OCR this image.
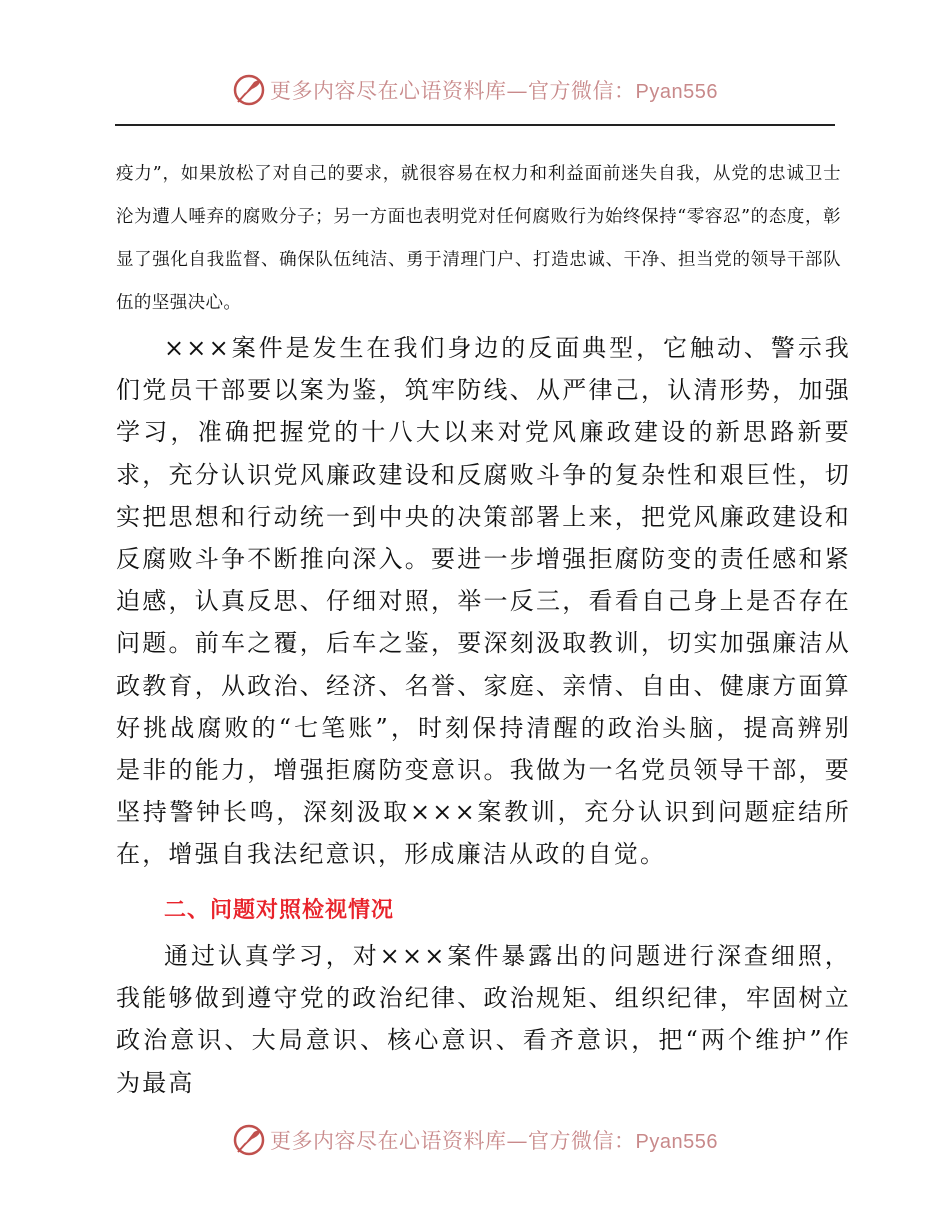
更多内容尽在心语资料库—官方微信：Pyan556

疫力”，如果放松了对自己的要求，就很容易在权力和利益面前迷失自我，从党的忠诚卫士沦为遭人唾弃的腐败分子；另一方面也表明党对任何腐败行为始终保持“零容忍”的态度，彰显了强化自我监督、确保队伍纯洁、勇于清理门户、打造忠诚、干净、担当党的领导干部队伍的坚强决心。

×××案件是发生在我们身边的反面典型，它触动、警示我们党员干部要以案为鉴，筑牢防线、从严律己，认清形势，加强学习，准确把握党的十八大以来对党风廉政建设的新思路新要求，充分认识党风廉政建设和反腐败斗争的复杂性和艰巨性，切实把思想和行动统一到中央的决策部署上来，把党风廉政建设和反腐败斗争不断推向深入。要进一步增强拒腐防变的责任感和紧迫感，认真反思、仔细对照，举一反三，看看自己身上是否存在问题。前车之覆，后车之鉴，要深刻汲取教训，切实加强廉洁从政教育，从政治、经济、名誉、家庭、亲情、自由、健康方面算好挑战腐败的“七笔账”，时刻保持清醒的政治头脑，提高辨别是非的能力，增强拒腐防变意识。我做为一名党员领导干部，要坚持警钟长鸣，深刻汲取×××案教训，充分认识到问题症结所在，增强自我法纪意识，形成廉洁从政的自觉。

二、问题对照检视情况

通过认真学习，对×××案件暴露出的问题进行深查细照，我能够做到遵守党的政治纪律、政治规矩、组织纪律，牢固树立政治意识、大局意识、核心意识、看齐意识，把“两个维护”作为最高

更多内容尽在心语资料库—官方微信：Pyan556
